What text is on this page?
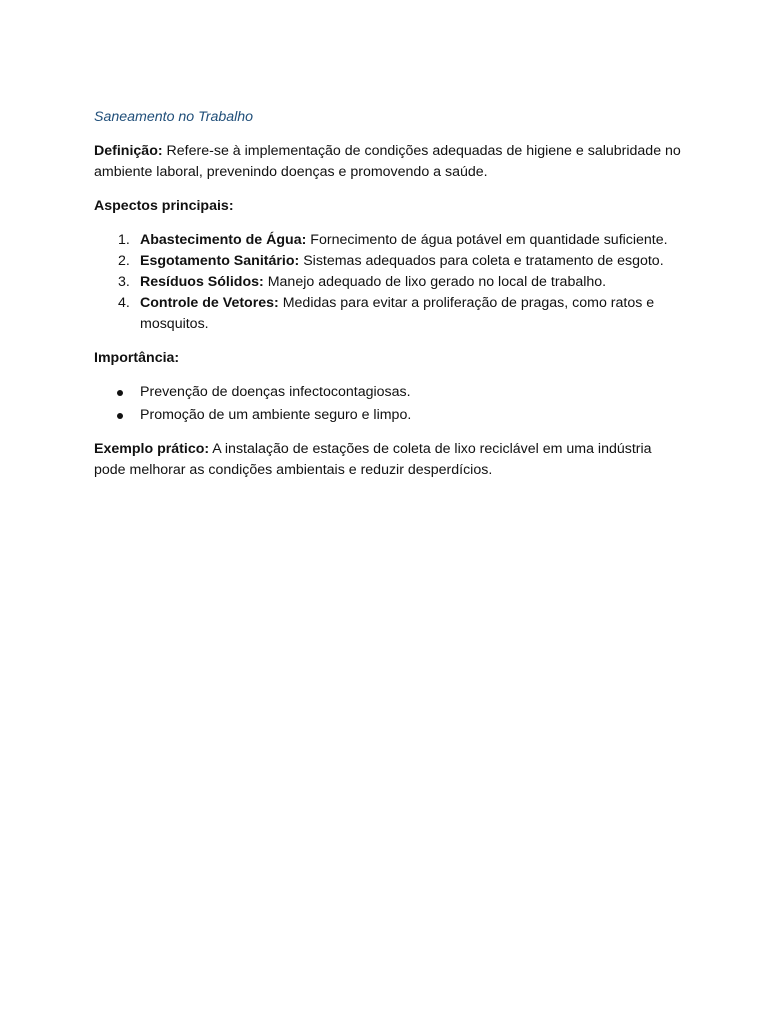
Saneamento no Trabalho

Definição: Refere-se à implementação de condições adequadas de higiene e salubridade no ambiente laboral, prevenindo doenças e promovendo a saúde.

Aspectos principais:

1. Abastecimento de Água: Fornecimento de água potável em quantidade suficiente.
2. Esgotamento Sanitário: Sistemas adequados para coleta e tratamento de esgoto.
3. Resíduos Sólidos: Manejo adequado de lixo gerado no local de trabalho.
4. Controle de Vetores: Medidas para evitar a proliferação de pragas, como ratos e mosquitos.

Importância:

Prevenção de doenças infectocontagiosas.
Promoção de um ambiente seguro e limpo.

Exemplo prático: A instalação de estações de coleta de lixo reciclável em uma indústria pode melhorar as condições ambientais e reduzir desperdícios.
